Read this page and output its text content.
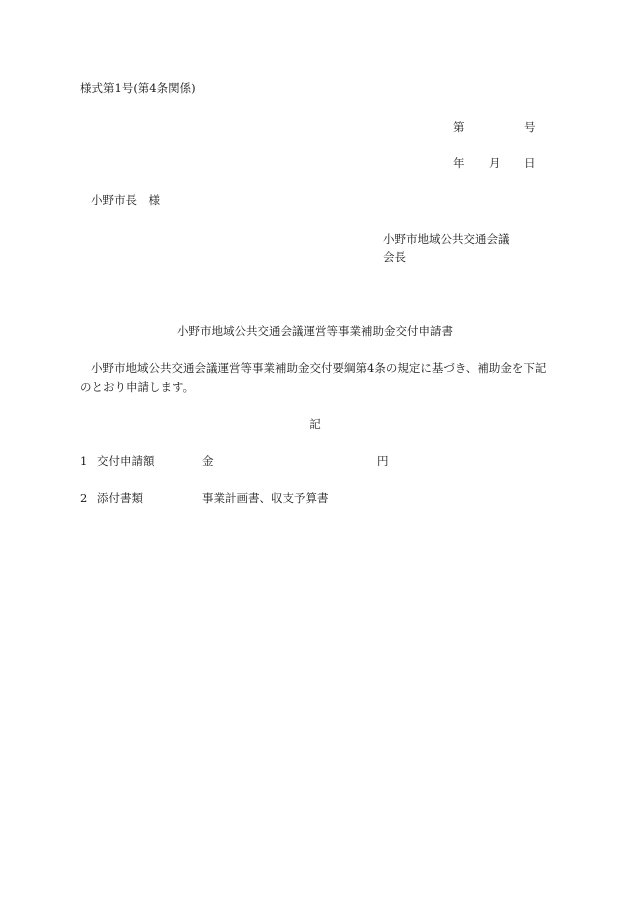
様式第1号(第4条関係)
第	号
年 月 日
小野市長　様
小野市地域公共交通会議
会長
小野市地域公共交通会議運営等事業補助金交付申請書
小野市地域公共交通会議運営等事業補助金交付要綱第4条の規定に基づき、補助金を下記のとおり申請します。
記
1 交付申請額	金	円
2 添付書類	事業計画書、収支予算書
